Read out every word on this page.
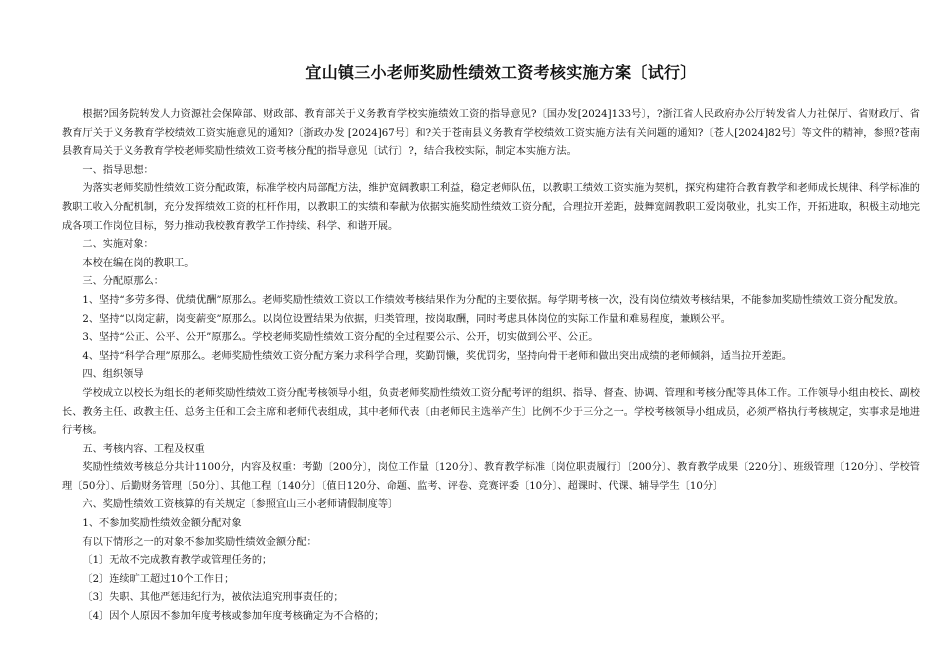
宜山镇三小老师奖励性绩效工资考核实施方案〔试行〕

根据?国务院转发人力资源社会保障部、财政部、教育部关于义务教育学校实施绩效工资的指导意见?〔国办发[2024]133号〕，?浙江省人民政府办公厅转发省人力社保厅、省财政厅、省教育厅关于义务教育学校绩效工资实施意见的通知?〔浙政办发 [2024]67号〕和?关于苍南县义务教育学校绩效工资实施方法有关问题的通知?〔苍人[2024]82号〕等文件的精神，参照?苍南县教育局关于义务教育学校老师奖励性绩效工资考核分配的指导意见〔试行〕?，结合我校实际，制定本实施方法。

一、指导思想：

为落实老师奖励性绩效工资分配政策，标准学校内局部配方法，维护宽阔教职工利益，稳定老师队伍，以教职工绩效工资实施为契机，探究构建符合教育教学和老师成长规律、科学标准的教职工收入分配机制，充分发挥绩效工资的杠杆作用，以教职工的实绩和奉献为依据实施奖励性绩效工资分配，合理拉开差距，鼓舞宽阔教职工爱岗敬业，扎实工作，开拓进取，积极主动地完成各项工作岗位目标，努力推动我校教育教学工作持续、科学、和谐开展。

二、实施对象：

本校在编在岗的教职工。

三、分配原那么：

1、坚持“多劳多得、优绩优酬”原那么。老师奖励性绩效工资以工作绩效考核结果作为分配的主要依据。每学期考核一次，没有岗位绩效考核结果，不能参加奖励性绩效工资分配发放。

2、坚持“以岗定薪，岗变薪变”原那么。以岗位设置结果为依据，归类管理，按岗取酬，同时考虑具体岗位的实际工作量和难易程度，兼顾公平。

3、坚持“公正、公平、公开”原那么。学校老师奖励性绩效工资分配的全过程要公示、公开，切实做到公平、公正。

4、坚持“科学合理”原那么。老师奖励性绩效工资分配方案力求科学合理，奖勤罚懒，奖优罚劣，坚持向骨干老师和做出突出成绩的老师倾斜，适当拉开差距。

四、组织领导

学校成立以校长为组长的老师奖励性绩效工资分配考核领导小组，负责老师奖励性绩效工资分配考评的组织、指导、督查、协调、管理和考核分配等具体工作。工作领导小组由校长、副校长、教务主任、政教主任、总务主任和工会主席和老师代表组成，其中老师代表〔由老师民主选举产生〕比例不少于三分之一。学校考核领导小组成员，必须严格执行考核规定，实事求是地进行考核。

五、考核内容、工程及权重

奖励性绩效考核总分共计1100分，内容及权重：考勤〔200分〕，岗位工作量〔120分〕、教育教学标准〔岗位职责履行〕〔200分〕、教育教学成果〔220分〕、班级管理〔120分〕、学校管理〔50分〕、后勤财务管理〔50分〕、其他工程〔140分〕〔值日120分、命题、监考、评卷、竞赛评委〔10分〕、超课时、代课、辅导学生〔10分〕

六、奖励性绩效工资核算的有关规定〔参照宜山三小老师请假制度等〕

1、不参加奖励性绩效金额分配对象

有以下情形之一的对象不参加奖励性绩效金额分配：

〔1〕无故不完成教育教学或管理任务的；

〔2〕连续旷工超过10个工作日；

〔3〕失职、其他严惩违纪行为，被依法追究刑事责任的；

〔4〕因个人原因不参加年度考核或参加年度考核确定为不合格的；
